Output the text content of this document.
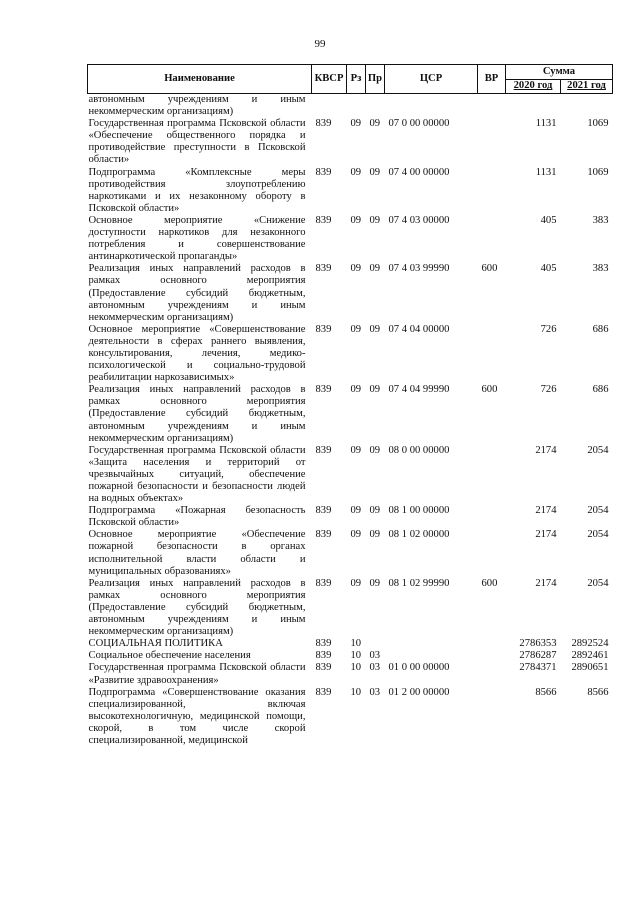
99
Наименование	КВСР	Рз	Пр	ЦСР	ВР	Сумма	
						2020 год	2021 год
автономным учреждениям и иным некоммерческим организациям)							
Государственная программа Псковской области «Обеспечение общественного порядка и противодействие преступности в Псковской области»	839	09	09	07 0 00 00000		1131	1069
Подпрограмма «Комплексные меры противодействия злоупотреблению наркотиками и их незаконному обороту в Псковской области»	839	09	09	07 4 00 00000		1131	1069
Основное мероприятие «Снижение доступности наркотиков для незаконного потребления и совершенствование антинаркотической пропаганды»	839	09	09	07 4 03 00000		405	383
Реализация иных направлений расходов в рамках основного мероприятия (Предоставление субсидий бюджетным, автономным учреждениям и иным некоммерческим организациям)	839	09	09	07 4 03 99990	600	405	383
Основное мероприятие «Совершенствование деятельности в сферах раннего выявления, консультирования, лечения, медико-психологической и социально-трудовой реабилитации наркозависимых»	839	09	09	07 4 04 00000		726	686
Реализация иных направлений расходов в рамках основного мероприятия (Предоставление субсидий бюджетным, автономным учреждениям и иным некоммерческим организациям)	839	09	09	07 4 04 99990	600	726	686
Государственная программа Псковской области «Защита населения и территорий от чрезвычайных ситуаций, обеспечение пожарной безопасности и безопасности людей на водных объектах»	839	09	09	08 0 00 00000		2174	2054
Подпрограмма «Пожарная безопасность Псковской области»	839	09	09	08 1 00 00000		2174	2054
Основное мероприятие «Обеспечение пожарной безопасности в органах исполнительной власти области и муниципальных образованиях»	839	09	09	08 1 02 00000		2174	2054
Реализация иных направлений расходов в рамках основного мероприятия (Предоставление субсидий бюджетным, автономным учреждениям и иным некоммерческим организациям)	839	09	09	08 1 02 99990	600	2174	2054
СОЦИАЛЬНАЯ ПОЛИТИКА	839	10				2786353	2892524
Социальное обеспечение населения	839	10	03			2786287	2892461
Государственная программа Псковской области «Развитие здравоохранения»	839	10	03	01 0 00 00000		2784371	2890651
Подпрограмма «Совершенствование оказания специализированной, включая высокотехнологичную, медицинской помощи, скорой, в том числе скорой специализированной, медицинской	839	10	03	01 2 00 00000		8566	8566
